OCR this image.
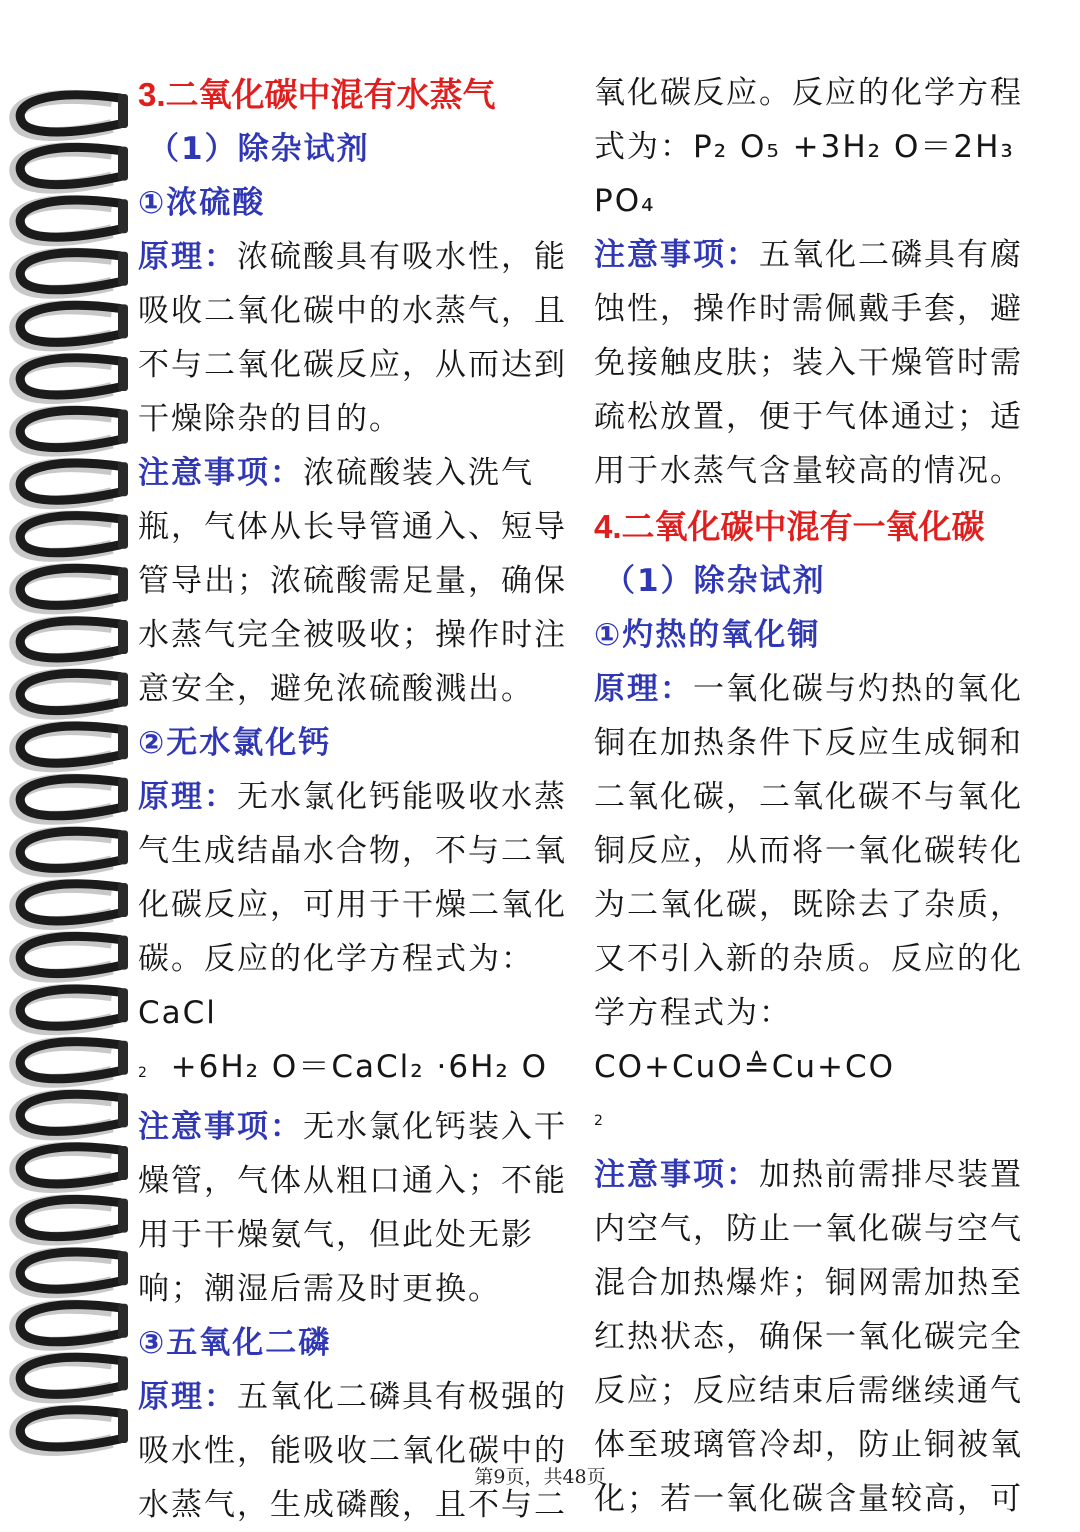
3.二氧化碳中混有水蒸气

（1）除杂试剂

①浓硫酸

原理：浓硫酸具有吸水性，能吸收二氧化碳中的水蒸气，且不与二氧化碳反应，从而达到干燥除杂的目的。

注意事项：浓硫酸装入洗气瓶，气体从长导管通入、短导管导出；浓硫酸需足量，确保水蒸气完全被吸收；操作时注意安全，避免浓硫酸溅出。

②无水氯化钙

原理：无水氯化钙能吸收水蒸气生成结晶水合物，不与二氧化碳反应，可用于干燥二氧化碳。反应的化学方程式为：CaCl

2 +6H₂ O＝CaCl₂ ·6H₂ O

注意事项：无水氯化钙装入干燥管，气体从粗口通入；不能用于干燥氨气，但此处无影响；潮湿后需及时更换。

③五氧化二磷

原理：五氧化二磷具有极强的吸水性，能吸收二氧化碳中的水蒸气，生成磷酸，且不与二

氧化碳反应。反应的化学方程

式为：P₂ O₅ +3H₂ O＝2H₃

PO₄

注意事项：五氧化二磷具有腐蚀性，操作时需佩戴手套，避免接触皮肤；装入干燥管时需疏松放置，便于气体通过；适用于水蒸气含量较高的情况。

4.二氧化碳中混有一氧化碳

（1）除杂试剂

①灼热的氧化铜

原理：一氧化碳与灼热的氧化铜在加热条件下反应生成铜和二氧化碳，二氧化碳不与氧化铜反应，从而将一氧化碳转化为二氧化碳，既除去了杂质，又不引入新的杂质。反应的化学方程式为：CO+CuO≜Cu+CO

2

注意事项：加热前需排尽装置内空气，防止一氧化碳与空气混合加热爆炸；铜网需加热至红热状态，确保一氧化碳完全反应；反应结束后需继续通气体至玻璃管冷却，防止铜被氧化；若一氧化碳含量较高，可

第9页，共48页
